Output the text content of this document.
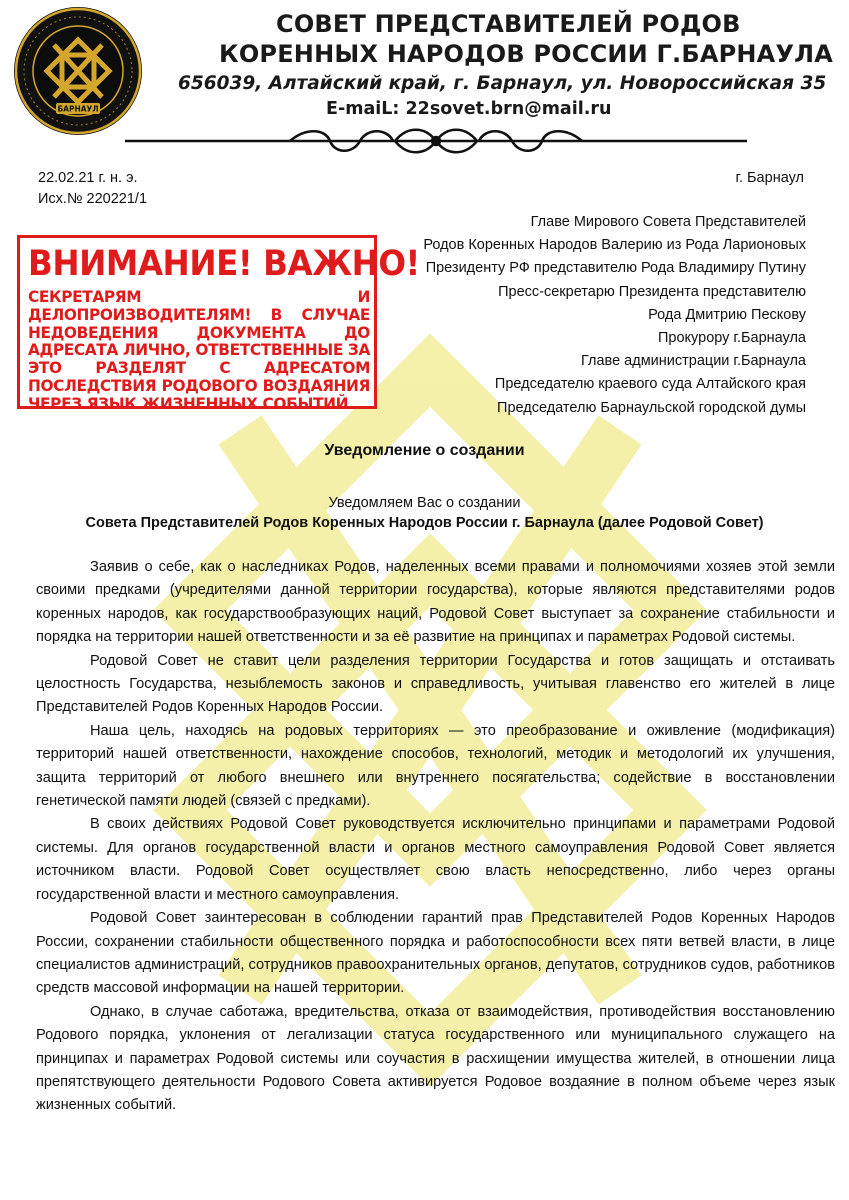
БАРНАУЛ
СОВЕТ ПРЕДСТАВИТЕЛЕЙ РОДОВ
КОРЕННЫХ НАРОДОВ РОССИИ Г.БАРНАУЛА
656039, Алтайский край, г. Барнаул, ул. Новороссийская 35
E-maiL: 22sovet.brn@mail.ru
22.02.21 г. н. э.
Исх.№ 220221/1
г. Барнаул
Главе Мирового Совета Представителей
Родов Коренных Народов Валерию из Рода Ларионовых
Президенту РФ представителю Рода Владимиру Путину
Пресс-секретарю Президента представителю
Рода Дмитрию Пескову
Прокурору г.Барнаула
Главе администрации г.Барнаула
Председателю краевого суда Алтайского края
Председателю Барнаульской городской думы
ВНИМАНИЕ! ВАЖНО!
СЕКРЕТАРЯМ И ДЕЛОПРОИЗВОДИТЕЛЯМ! В СЛУЧАЕ НЕДОВЕДЕНИЯ ДОКУМЕНТА ДО АДРЕСАТА ЛИЧНО, ОТВЕТСТВЕННЫЕ ЗА ЭТО РАЗДЕЛЯТ С АДРЕСАТОМ ПОСЛЕДСТВИЯ РОДОВОГО ВОЗДАЯНИЯ ЧЕРЕЗ ЯЗЫК ЖИЗНЕННЫХ СОБЫТИЙ.
Уведомление о создании
Уведомляем Вас о создании
Совета Представителей Родов Коренных Народов России г. Барнаула (далее Родовой Совет)

Заявив о себе, как о наследниках Родов, наделенных всеми правами и полномочиями хозяев этой земли своими предками (учредителями данной территории государства), которые являются представителями родов коренных народов, как государствообразующих наций, Родовой Совет выступает за сохранение стабильности и порядка на территории нашей ответственности и за её развитие на принципах и параметрах Родовой системы.

Родовой Совет не ставит цели разделения территории Государства и готов защищать и отстаивать целостность Государства, незыблемость законов и справедливость, учитывая главенство его жителей в лице Представителей Родов Коренных Народов России.

Наша цель, находясь на родовых территориях — это преобразование и оживление (модификация) территорий нашей ответственности, нахождение способов, технологий, методик и методологий их улучшения, защита территорий от любого внешнего или внутреннего посягательства; содействие в восстановлении генетической памяти людей (связей с предками).

В своих действиях Родовой Совет руководствуется исключительно принципами и параметрами Родовой системы. Для органов государственной власти и органов местного самоуправления Родовой Совет является источником власти. Родовой Совет осуществляет свою власть непосредственно, либо через органы государственной власти и местного самоуправления.

Родовой Совет заинтересован в соблюдении гарантий прав Представителей Родов Коренных Народов России, сохранении стабильности общественного порядка и работоспособности всех пяти ветвей власти, в лице специалистов администраций, сотрудников правоохранительных органов, депутатов, сотрудников судов, работников средств массовой информации на нашей территории.

Однако, в случае саботажа, вредительства, отказа от взаимодействия, противодействия восстановлению Родового порядка, уклонения от легализации статуса государственного или муниципального служащего на принципах и параметрах Родовой системы или соучастия в расхищении имущества жителей, в отношении лица препятствующего деятельности Родового Совета активируется Родовое воздаяние в полном объеме через язык жизненных событий.
